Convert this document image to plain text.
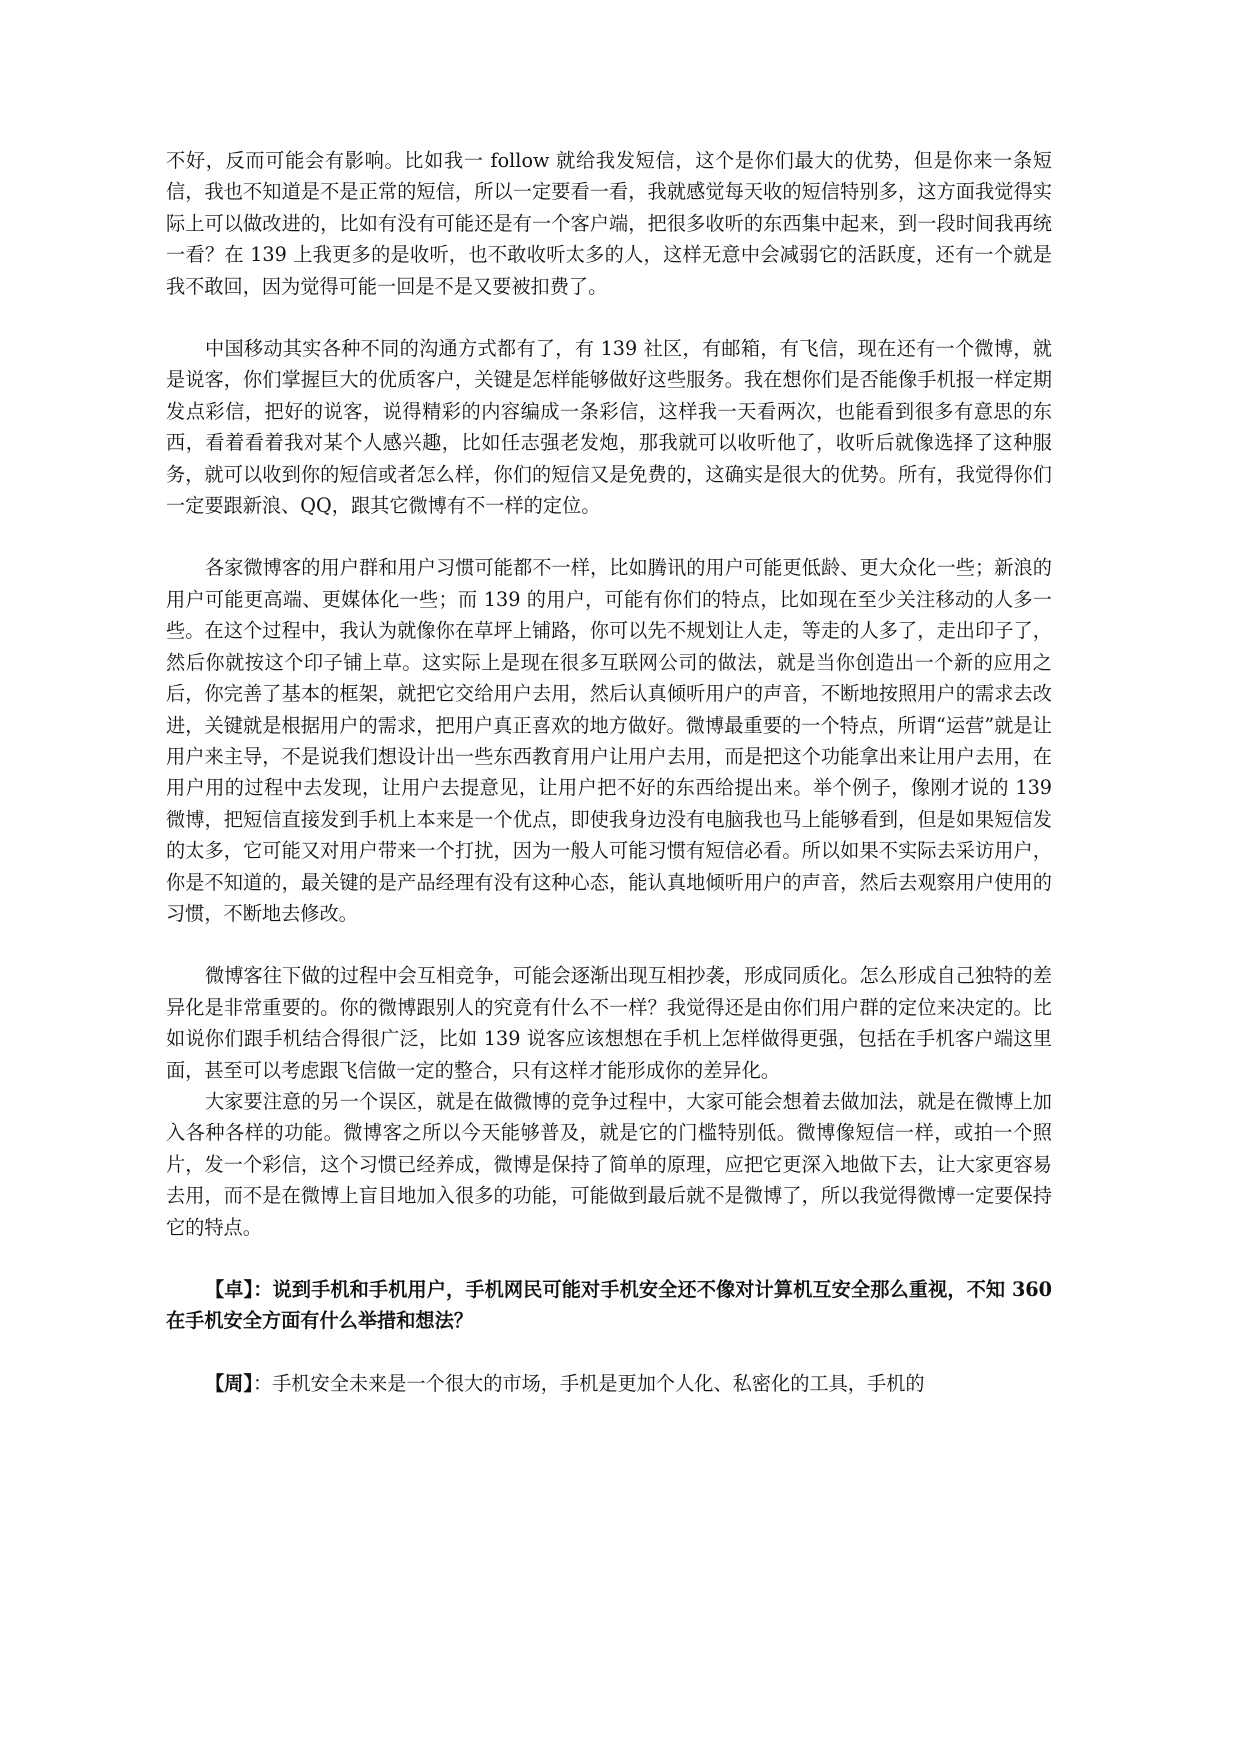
不好，反而可能会有影响。比如我一 follow 就给我发短信，这个是你们最大的优势，但是你来一条短信，我也不知道是不是正常的短信，所以一定要看一看，我就感觉每天收的短信特别多，这方面我觉得实际上可以做改进的，比如有没有可能还是有一个客户端，把很多收听的东西集中起来，到一段时间我再统一看？在 139 上我更多的是收听，也不敢收听太多的人，这样无意中会减弱它的活跃度，还有一个就是我不敢回，因为觉得可能一回是不是又要被扣费了。

中国移动其实各种不同的沟通方式都有了，有 139 社区，有邮箱，有飞信，现在还有一个微博，就是说客，你们掌握巨大的优质客户，关键是怎样能够做好这些服务。我在想你们是否能像手机报一样定期发点彩信，把好的说客，说得精彩的内容编成一条彩信，这样我一天看两次，也能看到很多有意思的东西，看着看着我对某个人感兴趣，比如任志强老发炮，那我就可以收听他了，收听后就像选择了这种服务，就可以收到你的短信或者怎么样，你们的短信又是免费的，这确实是很大的优势。所有，我觉得你们一定要跟新浪、QQ，跟其它微博有不一样的定位。

各家微博客的用户群和用户习惯可能都不一样，比如腾讯的用户可能更低龄、更大众化一些；新浪的用户可能更高端、更媒体化一些；而 139 的用户，可能有你们的特点，比如现在至少关注移动的人多一些。在这个过程中，我认为就像你在草坪上铺路，你可以先不规划让人走，等走的人多了，走出印子了，然后你就按这个印子铺上草。这实际上是现在很多互联网公司的做法，就是当你创造出一个新的应用之后，你完善了基本的框架，就把它交给用户去用，然后认真倾听用户的声音，不断地按照用户的需求去改进，关键就是根据用户的需求，把用户真正喜欢的地方做好。微博最重要的一个特点，所谓“运营”就是让用户来主导，不是说我们想设计出一些东西教育用户让用户去用，而是把这个功能拿出来让用户去用，在用户用的过程中去发现，让用户去提意见，让用户把不好的东西给提出来。举个例子，像刚才说的 139 微博，把短信直接发到手机上本来是一个优点，即使我身边没有电脑我也马上能够看到，但是如果短信发的太多，它可能又对用户带来一个打扰，因为一般人可能习惯有短信必看。所以如果不实际去采访用户，你是不知道的，最关键的是产品经理有没有这种心态，能认真地倾听用户的声音，然后去观察用户使用的习惯，不断地去修改。

微博客往下做的过程中会互相竞争，可能会逐渐出现互相抄袭，形成同质化。怎么形成自己独特的差异化是非常重要的。你的微博跟别人的究竟有什么不一样？我觉得还是由你们用户群的定位来决定的。比如说你们跟手机结合得很广泛，比如 139 说客应该想想在手机上怎样做得更强，包括在手机客户端这里面，甚至可以考虑跟飞信做一定的整合，只有这样才能形成你的差异化。

大家要注意的另一个误区，就是在做微博的竞争过程中，大家可能会想着去做加法，就是在微博上加入各种各样的功能。微博客之所以今天能够普及，就是它的门槛特别低。微博像短信一样，或拍一个照片，发一个彩信，这个习惯已经养成，微博是保持了简单的原理，应把它更深入地做下去，让大家更容易去用，而不是在微博上盲目地加入很多的功能，可能做到最后就不是微博了，所以我觉得微博一定要保持它的特点。

【卓】：说到手机和手机用户，手机网民可能对手机安全还不像对计算机互安全那么重视，不知 360 在手机安全方面有什么举措和想法？

【周】：手机安全未来是一个很大的市场，手机是更加个人化、私密化的工具，手机的
